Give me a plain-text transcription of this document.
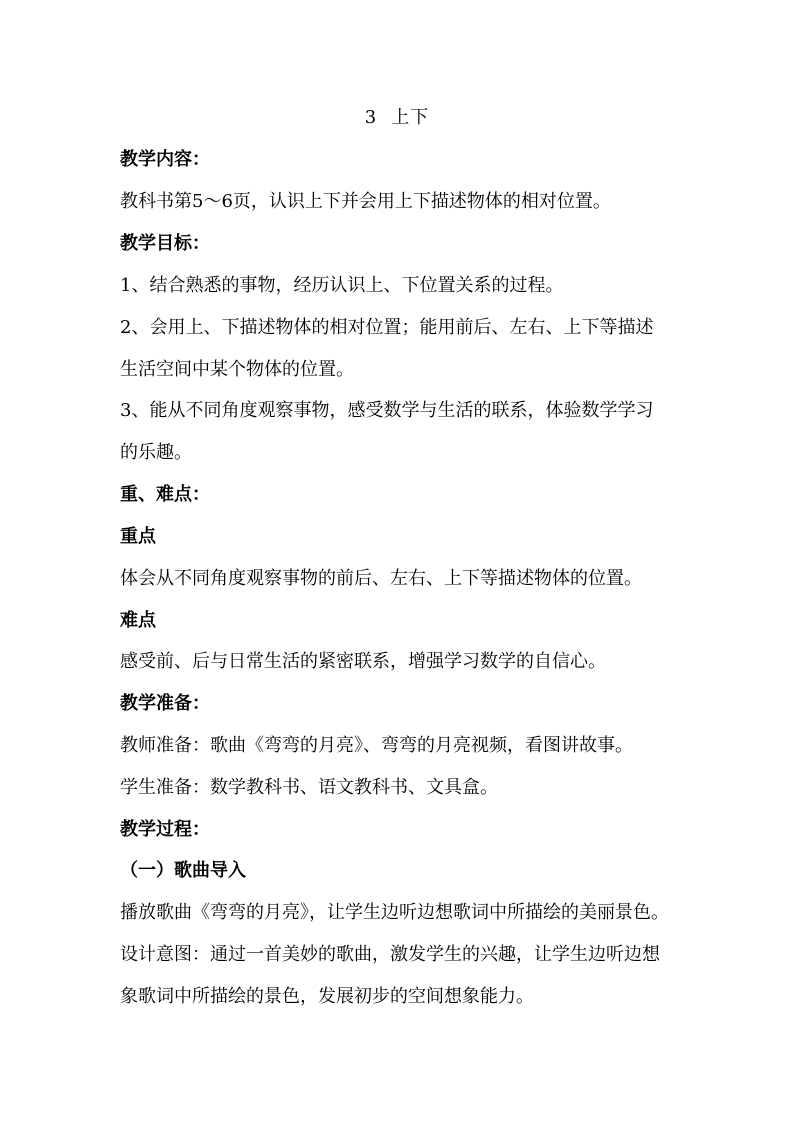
3 上下
教学内容：
教科书第5～6页，认识上下并会用上下描述物体的相对位置。
教学目标：
1、结合熟悉的事物，经历认识上、下位置关系的过程。
2、会用上、下描述物体的相对位置；能用前后、左右、上下等描述
生活空间中某个物体的位置。
3、能从不同角度观察事物，感受数学与生活的联系，体验数学学习
的乐趣。
重、难点：
重点
体会从不同角度观察事物的前后、左右、上下等描述物体的位置。
难点
感受前、后与日常生活的紧密联系，增强学习数学的自信心。
教学准备：
教师准备：歌曲《弯弯的月亮》、弯弯的月亮视频，看图讲故事。
学生准备：数学教科书、语文教科书、文具盒。
教学过程：
（一）歌曲导入
播放歌曲《弯弯的月亮》，让学生边听边想歌词中所描绘的美丽景色。
设计意图：通过一首美妙的歌曲，激发学生的兴趣，让学生边听边想
象歌词中所描绘的景色，发展初步的空间想象能力。
